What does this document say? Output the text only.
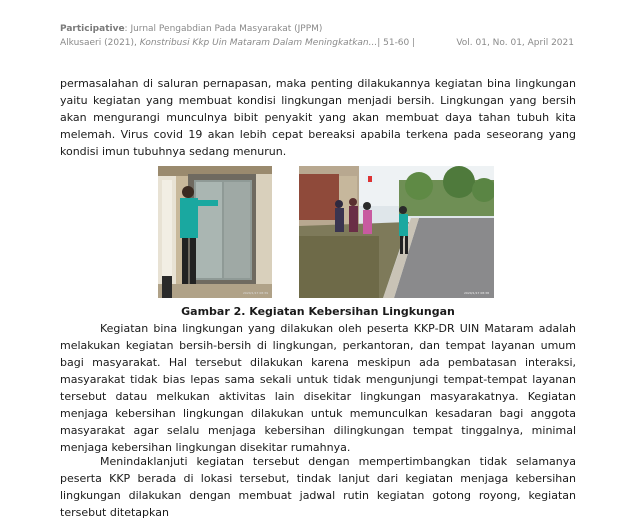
Participative: Jurnal Pengabdian Pada Masyarakat (JPPM)
Alkusaeri (2021), Konstribusi Kkp Uin Mataram Dalam Meningkatkan...| 51-60 |	Vol. 01, No. 01, April 2021
permasalahan di saluran pernapasan, maka penting dilakukannya kegiatan bina lingkungan yaitu kegiatan yang membuat kondisi lingkungan menjadi bersih. Lingkungan yang bersih akan mengurangi munculnya bibit penyakit yang akan membuat daya tahan tubuh kita melemah. Virus covid 19 akan lebih cepat bereaksi apabila terkena pada seseorang yang kondisi imun tubuhnya sedang menurun.
2020/1/17 08:39	2020/1/17 08:38
Gambar 2. Kegiatan Kebersihan Lingkungan
Kegiatan bina lingkungan yang dilakukan oleh peserta KKP-DR UIN Mataram adalah melakukan kegiatan bersih-bersih di lingkungan, perkantoran, dan tempat layanan umum bagi masyarakat. Hal tersebut dilakukan karena meskipun ada pembatasan interaksi, masyarakat tidak bias lepas sama sekali untuk tidak mengunjungi tempat-tempat layanan tersebut datau melkukan aktivitas lain disekitar lingkungan masyarakatnya. Kegiatan menjaga kebersihan lingkungan dilakukan untuk memunculkan kesadaran bagi anggota masyarakat agar selalu menjaga kebersihan dilingkungan tempat tinggalnya, minimal menjaga kebersihan lingkungan disekitar rumahnya.
Menindaklanjuti kegiatan tersebut dengan mempertimbangkan tidak selamanya peserta KKP berada di lokasi tersebut, tindak lanjut dari kegiatan menjaga kebersihan lingkungan dilakukan dengan membuat jadwal rutin kegiatan gotong royong, kegiatan tersebut ditetapkan
